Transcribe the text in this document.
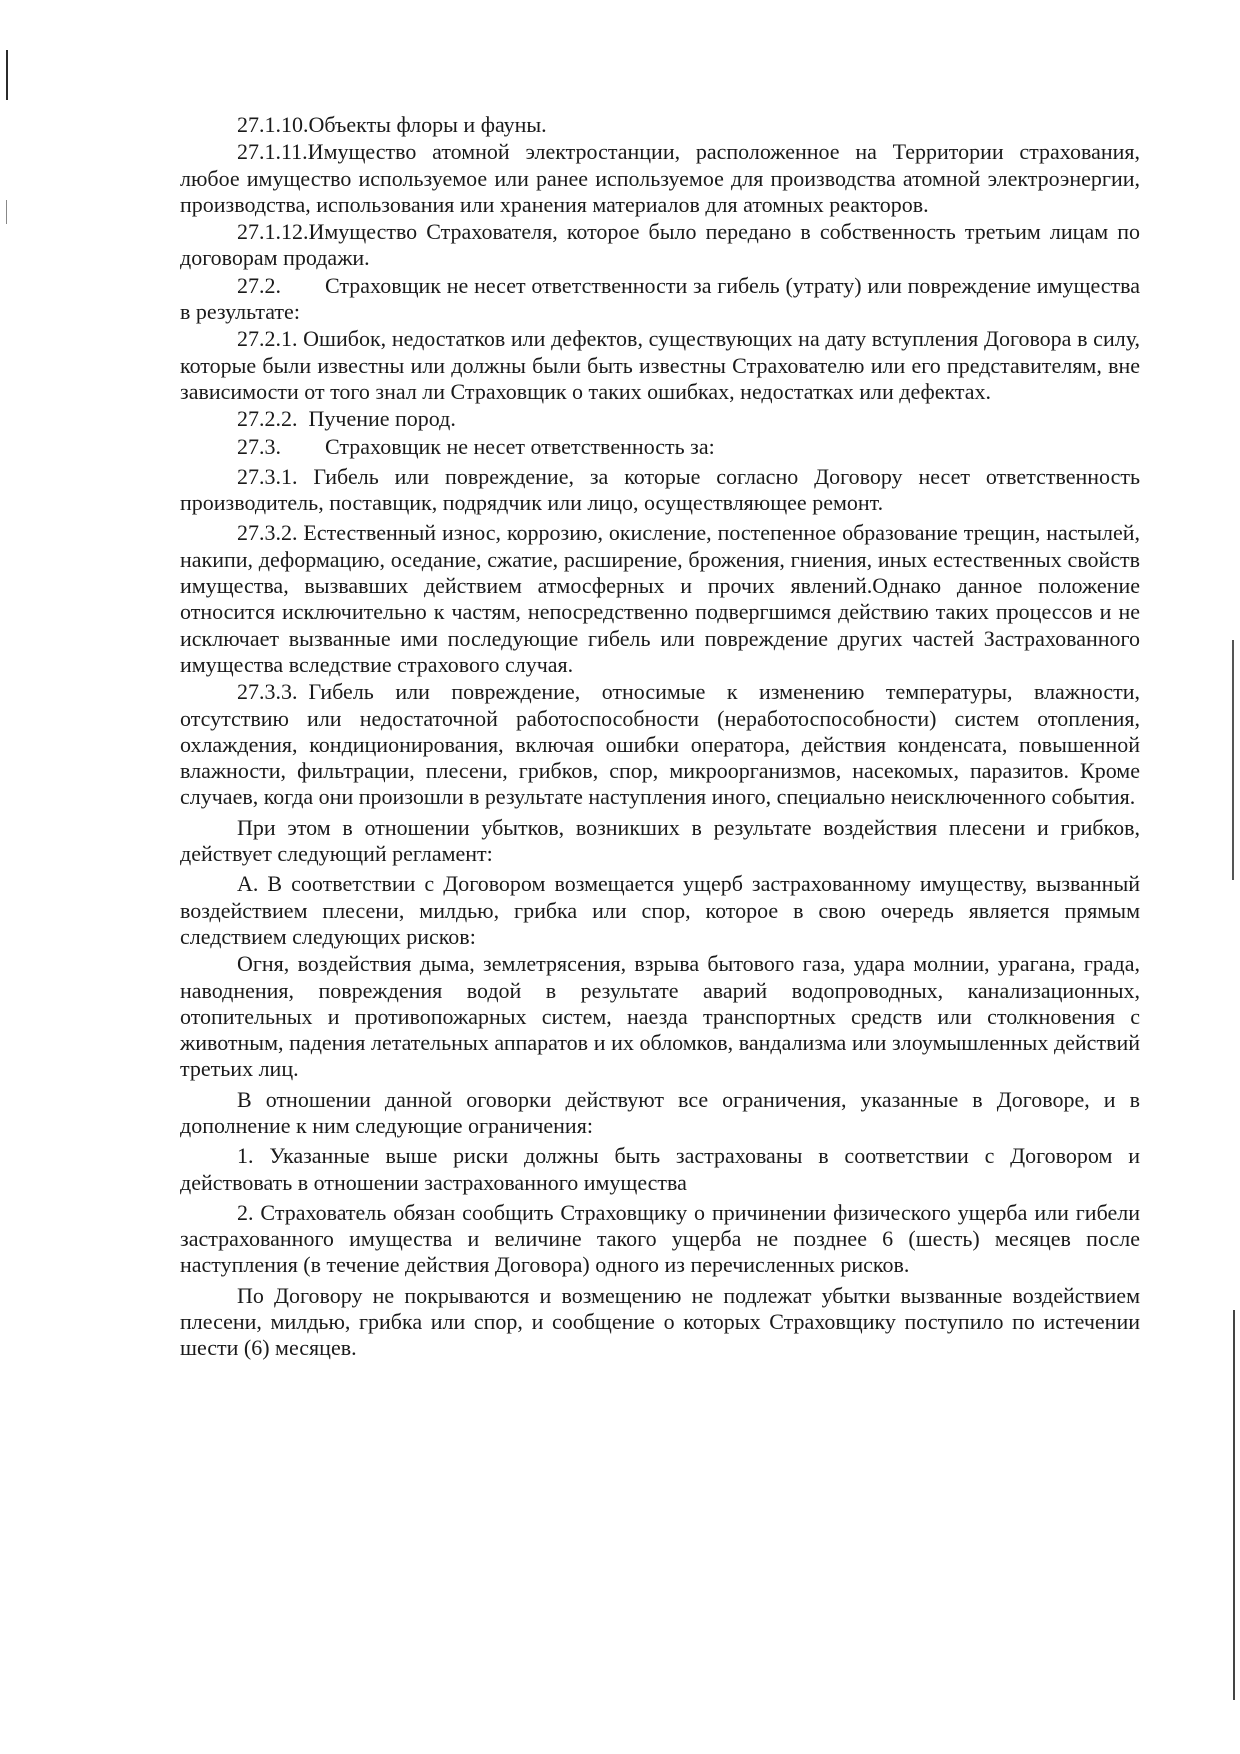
27.1.10.Объекты флоры и фауны.

27.1.11.Имущество атомной электростанции, расположенное на Территории страхования, любое имущество используемое или ранее используемое для производства атомной электроэнергии, производства, использования или хранения материалов для атомных реакторов.

27.1.12.Имущество Страхователя, которое было передано в собственность третьим лицам по договорам продажи.

27.2.  Страховщик не несет ответственности за гибель (утрату) или повреждение имущества в результате:

27.2.1. Ошибок, недостатков или дефектов, существующих на дату вступления Договора в силу, которые были известны или должны были быть известны Страхователю или его представителям, вне зависимости от того знал ли Страховщик о таких ошибках, недостатках или дефектах.

27.2.2. Пучение пород.

27.3.  Страховщик не несет ответственность за:

27.3.1. Гибель или повреждение, за которые согласно Договору несет ответственность производитель, поставщик, подрядчик или лицо, осуществляющее ремонт.

27.3.2. Естественный износ, коррозию, окисление, постепенное образование трещин, настылей, накипи, деформацию, оседание, сжатие, расширение, брожения, гниения, иных естественных свойств имущества, вызвавших действием атмосферных и прочих явлений.Однако данное положение относится исключительно к частям, непосредственно подвергшимся действию таких процессов и не исключает вызванные ими последующие гибель или повреждение других частей Застрахованного имущества вследствие страхового случая.

27.3.3. Гибель или повреждение, относимые к изменению температуры, влажности, отсутствию или недостаточной работоспособности (неработоспособности) систем отопления, охлаждения, кондиционирования, включая ошибки оператора, действия конденсата, повышенной влажности, фильтрации, плесени, грибков, спор, микроорганизмов, насекомых, паразитов. Кроме случаев, когда они произошли в результате наступления иного, специально неисключенного события.

При этом в отношении убытков, возникших в результате воздействия плесени и грибков, действует следующий регламент:

А. В соответствии с Договором возмещается ущерб застрахованному имуществу, вызванный воздействием плесени, милдью, грибка или спор, которое в свою очередь является прямым следствием следующих рисков:

Огня, воздействия дыма, землетрясения, взрыва бытового газа, удара молнии, урагана, града, наводнения, повреждения водой в результате аварий водопроводных, канализационных, отопительных и противопожарных систем, наезда транспортных средств или столкновения с животным, падения летательных аппаратов и их обломков, вандализма или злоумышленных действий третьих лиц.

В отношении данной оговорки действуют все ограничения, указанные в Договоре, и в дополнение к ним следующие ограничения:

1. Указанные выше риски должны быть застрахованы в соответствии с Договором и действовать в отношении застрахованного имущества

2. Страхователь обязан сообщить Страховщику о причинении физического ущерба или гибели застрахованного имущества и величине такого ущерба не позднее 6 (шесть) месяцев после наступления (в течение действия Договора) одного из перечисленных рисков.

По Договору не покрываются и возмещению не подлежат убытки вызванные воздействием плесени, милдью, грибка или спор, и сообщение о которых Страховщику поступило по истечении шести (6) месяцев.
